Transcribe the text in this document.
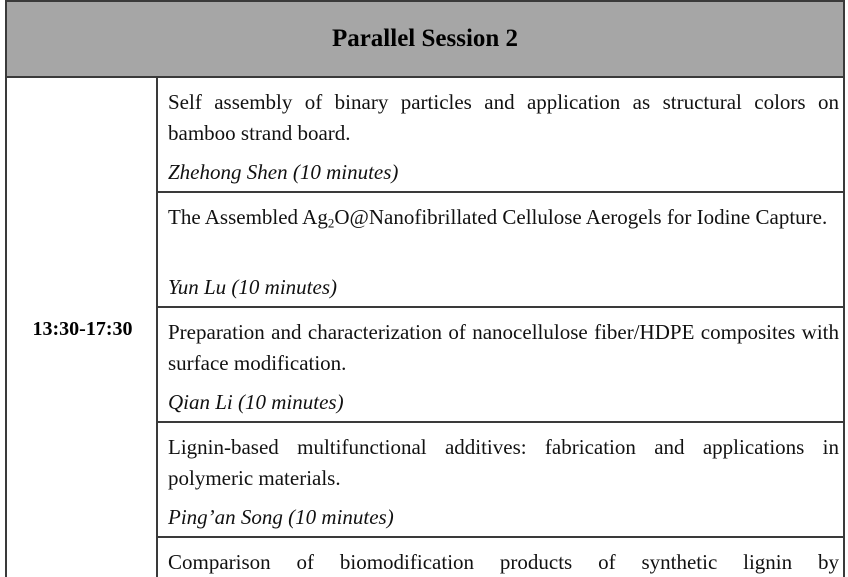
Parallel Session 2
13:30-17:30
Self assembly of binary particles and application as structural colors on bamboo strand board.
Zhehong Shen (10 minutes)
The Assembled $Ag_2O@Nanofibrillated$ Cellulose Aerogels for Iodine Capture.
Yun Lu (10 minutes)
Preparation and characterization of nanocellulose fiber/HDPE composites with surface modification.
Qian Li (10 minutes)
Lignin-based multifunctional additives: fabrication and applications in polymeric materials.
Ping’an Song (10 minutes)
Comparison of biomodification products of synthetic lignin by
